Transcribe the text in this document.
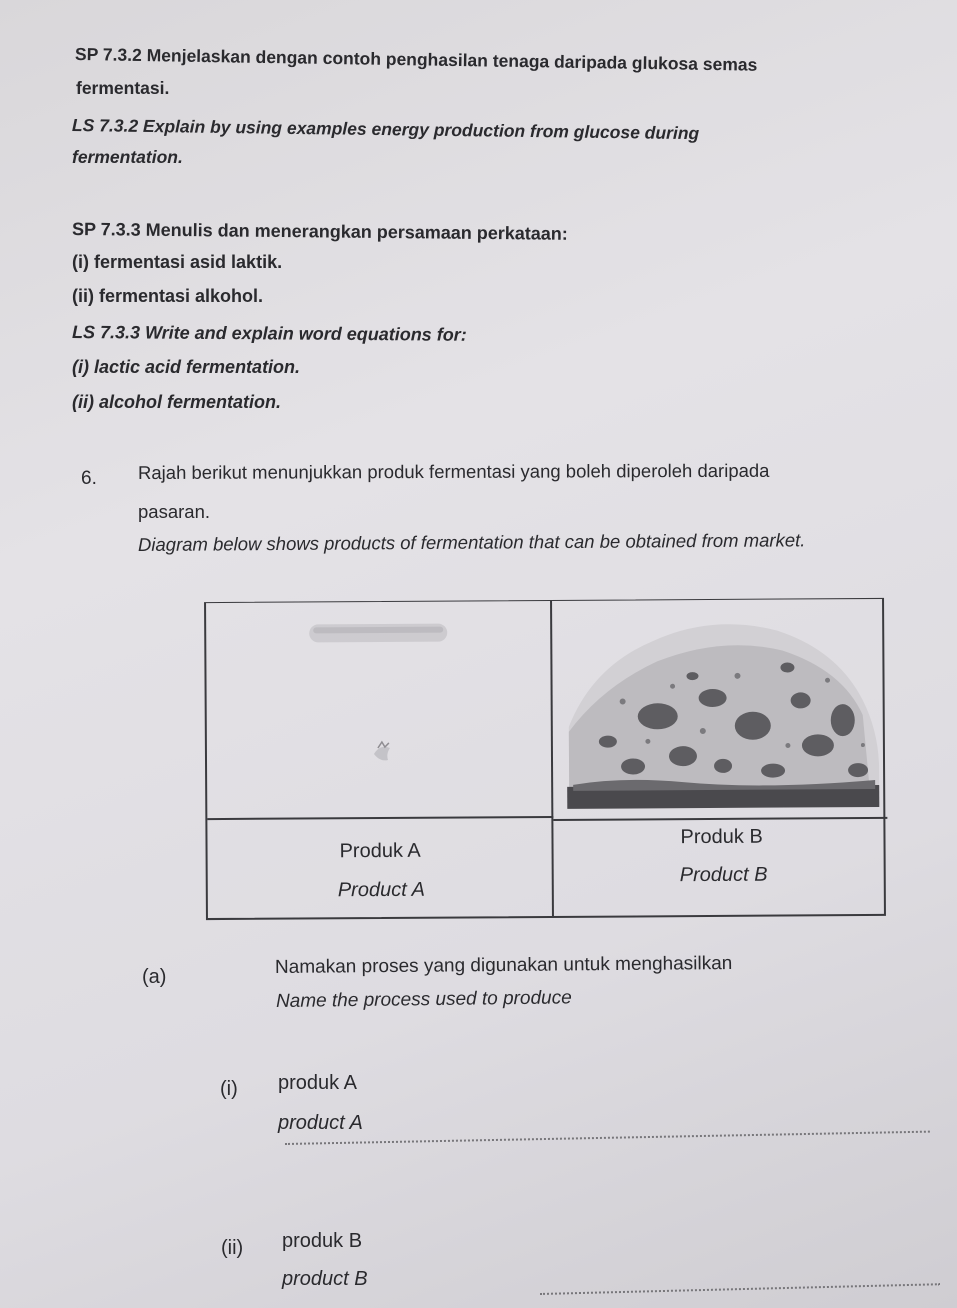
SP 7.3.2 Menjelaskan dengan contoh penghasilan tenaga daripada glukosa semas
fermentasi.
LS 7.3.2 Explain by using examples energy production from glucose during
fermentation.
SP 7.3.3 Menulis dan menerangkan persamaan perkataan:
(i) fermentasi asid laktik.
(ii) fermentasi alkohol.
LS 7.3.3 Write and explain word equations for:
(i) lactic acid fermentation.
(ii) alcohol fermentation.
6. Rajah berikut menunjukkan produk fermentasi yang boleh diperoleh daripada
pasaran.
Diagram below shows products of fermentation that can be obtained from market.
Produk A
Product A
Produk B
Product B
(a)	Namakan proses yang digunakan untuk menghasilkan
Name the process used to produce
(i) produk A
product A
(ii) produk B
product B
